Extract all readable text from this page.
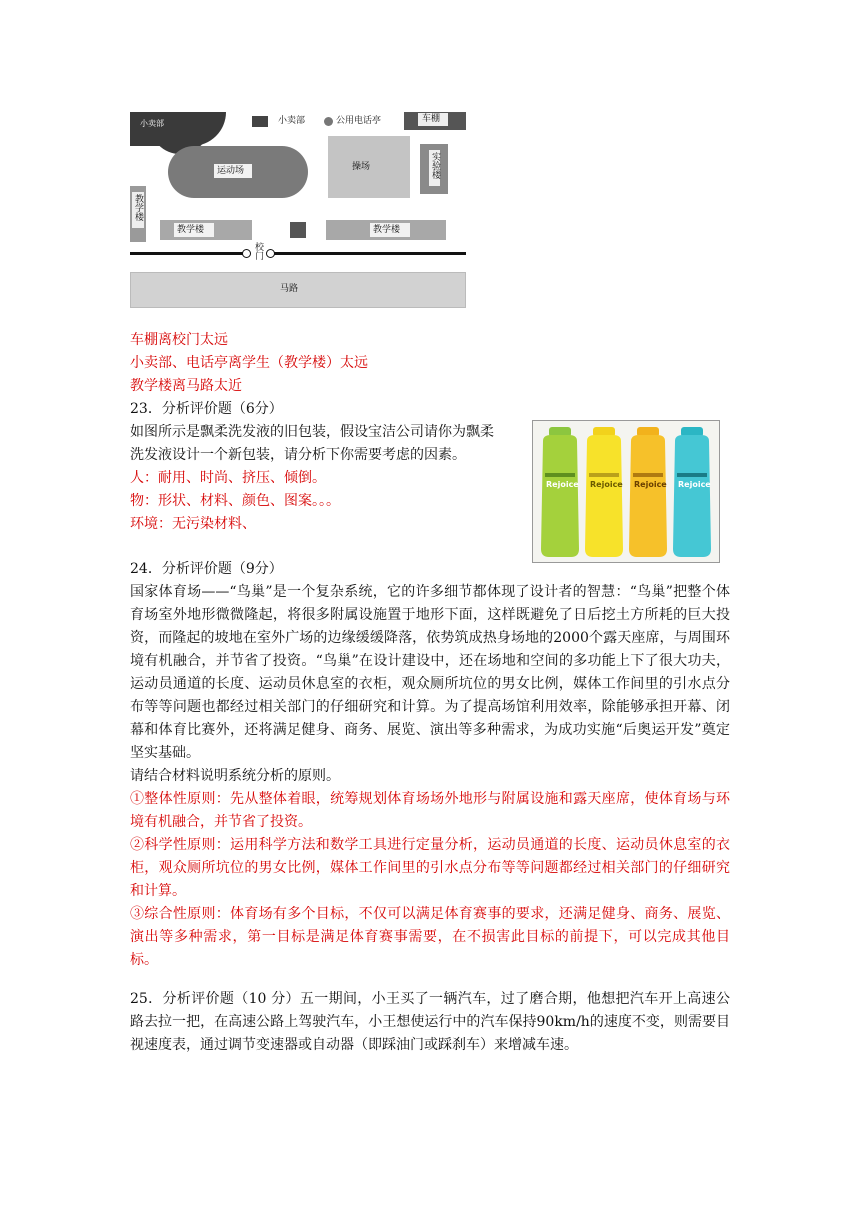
小卖部	小卖部	公用电话亭	车棚
运动场	操场	实验楼
教学楼
教学楼	教学楼
校门
马路
车棚离校门太远
小卖部、电话亭离学生（教学楼）太远
教学楼离马路太近
23．分析评价题（6分）
如图所示是飘柔洗发液的旧包装，假设宝洁公司请你为飘柔
洗发液设计一个新包装，请分析下你需要考虑的因素。
人：耐用、时尚、挤压、倾倒。
物：形状、材料、颜色、图案。。。
环境：无污染材料、
Rejoice Rejoice Rejoice Rejoice
24．分析评价题（9分）

国家体育场——“鸟巢”是一个复杂系统，它的许多细节都体现了设计者的智慧：“鸟巢”把整个体育场室外地形微微隆起，将很多附属设施置于地形下面，这样既避免了日后挖土方所耗的巨大投资，而隆起的坡地在室外广场的边缘缓缓降落，依势筑成热身场地的2000个露天座席，与周围环境有机融合，并节省了投资。“鸟巢”在设计建设中，还在场地和空间的多功能上下了很大功夫，运动员通道的长度、运动员休息室的衣柜，观众厕所坑位的男女比例，媒体工作间里的引水点分布等等问题也都经过相关部门的仔细研究和计算。为了提高场馆利用效率，除能够承担开幕、闭幕和体育比赛外，还将满足健身、商务、展览、演出等多种需求，为成功实施“后奥运开发”奠定坚实基础。

请结合材料说明系统分析的原则。

①整体性原则：先从整体着眼，统筹规划体育场场外地形与附属设施和露天座席，使体育场与环境有机融合，并节省了投资。

②科学性原则：运用科学方法和数学工具进行定量分析，运动员通道的长度、运动员休息室的衣柜，观众厕所坑位的男女比例，媒体工作间里的引水点分布等等问题都经过相关部门的仔细研究和计算。

③综合性原则：体育场有多个目标，不仅可以满足体育赛事的要求，还满足健身、商务、展览、演出等多种需求，第一目标是满足体育赛事需要，在不损害此目标的前提下，可以完成其他目标。

25．分析评价题（10 分）五一期间，小王买了一辆汽车，过了磨合期，他想把汽车开上高速公路去拉一把，在高速公路上驾驶汽车，小王想使运行中的汽车保持90km/h的速度不变，则需要目视速度表，通过调节变速器或自动器（即踩油门或踩刹车）来增减车速。
